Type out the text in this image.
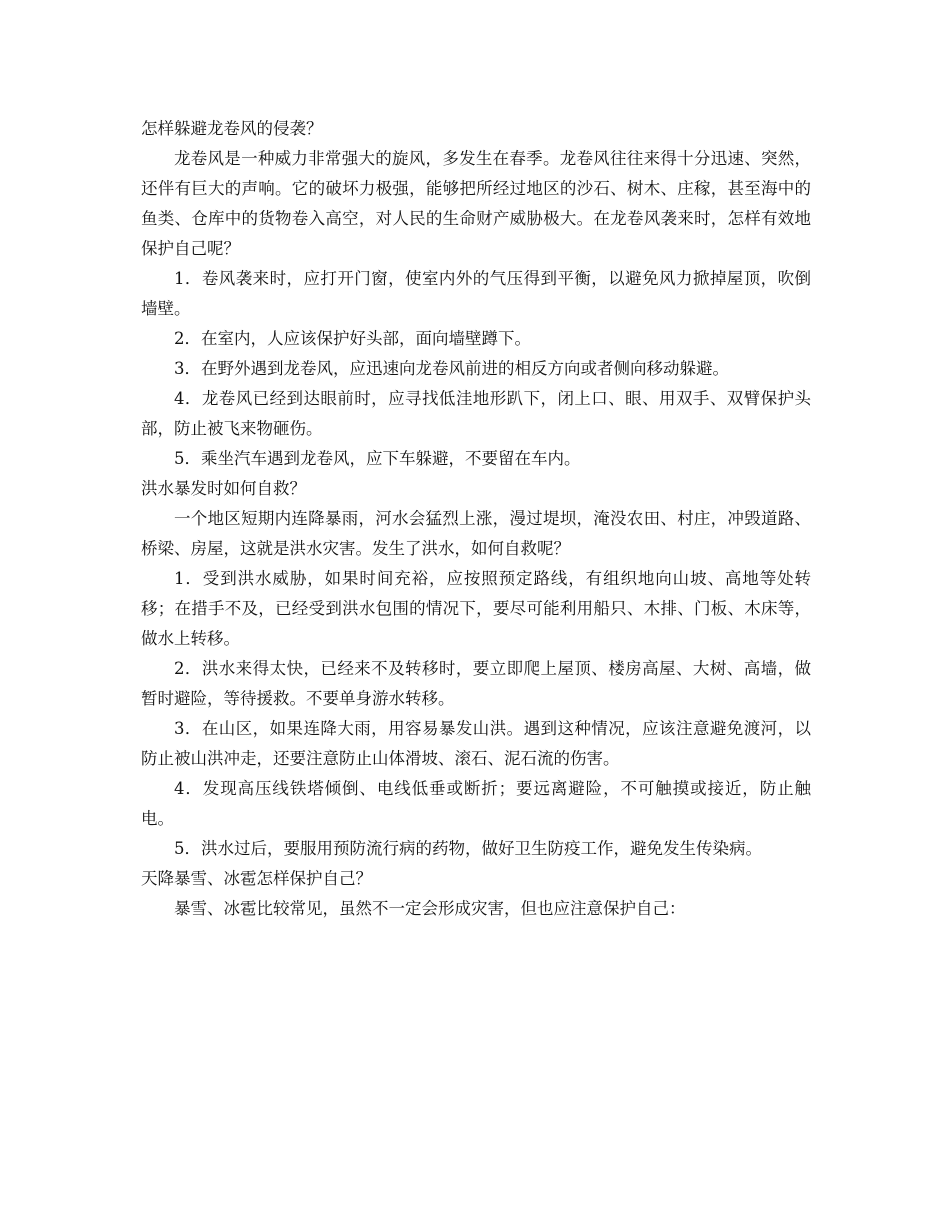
怎样躲避龙卷风的侵袭？

龙卷风是一种威力非常强大的旋风，多发生在春季。龙卷风往往来得十分迅速、突然，还伴有巨大的声响。它的破坏力极强，能够把所经过地区的沙石、树木、庄稼，甚至海中的鱼类、仓库中的货物卷入高空，对人民的生命财产威胁极大。在龙卷风袭来时，怎样有效地保护自己呢？

1．卷风袭来时，应打开门窗，使室内外的气压得到平衡，以避免风力掀掉屋顶，吹倒墙壁。

2．在室内，人应该保护好头部，面向墙壁蹲下。

3．在野外遇到龙卷风，应迅速向龙卷风前进的相反方向或者侧向移动躲避。

4．龙卷风已经到达眼前时，应寻找低洼地形趴下，闭上口、眼、用双手、双臂保护头部，防止被飞来物砸伤。

5．乘坐汽车遇到龙卷风，应下车躲避，不要留在车内。

洪水暴发时如何自救？

一个地区短期内连降暴雨，河水会猛烈上涨，漫过堤坝，淹没农田、村庄，冲毁道路、桥梁、房屋，这就是洪水灾害。发生了洪水，如何自救呢？

1．受到洪水威胁，如果时间充裕，应按照预定路线，有组织地向山坡、高地等处转移；在措手不及，已经受到洪水包围的情况下，要尽可能利用船只、木排、门板、木床等，做水上转移。

2．洪水来得太快，已经来不及转移时，要立即爬上屋顶、楼房高屋、大树、高墙，做暂时避险，等待援救。不要单身游水转移。

3．在山区，如果连降大雨，用容易暴发山洪。遇到这种情况，应该注意避免渡河，以防止被山洪冲走，还要注意防止山体滑坡、滚石、泥石流的伤害。

4．发现高压线铁塔倾倒、电线低垂或断折；要远离避险，不可触摸或接近，防止触电。

5．洪水过后，要服用预防流行病的药物，做好卫生防疫工作，避免发生传染病。

天降暴雪、冰雹怎样保护自己？

暴雪、冰雹比较常见，虽然不一定会形成灾害，但也应注意保护自己：
